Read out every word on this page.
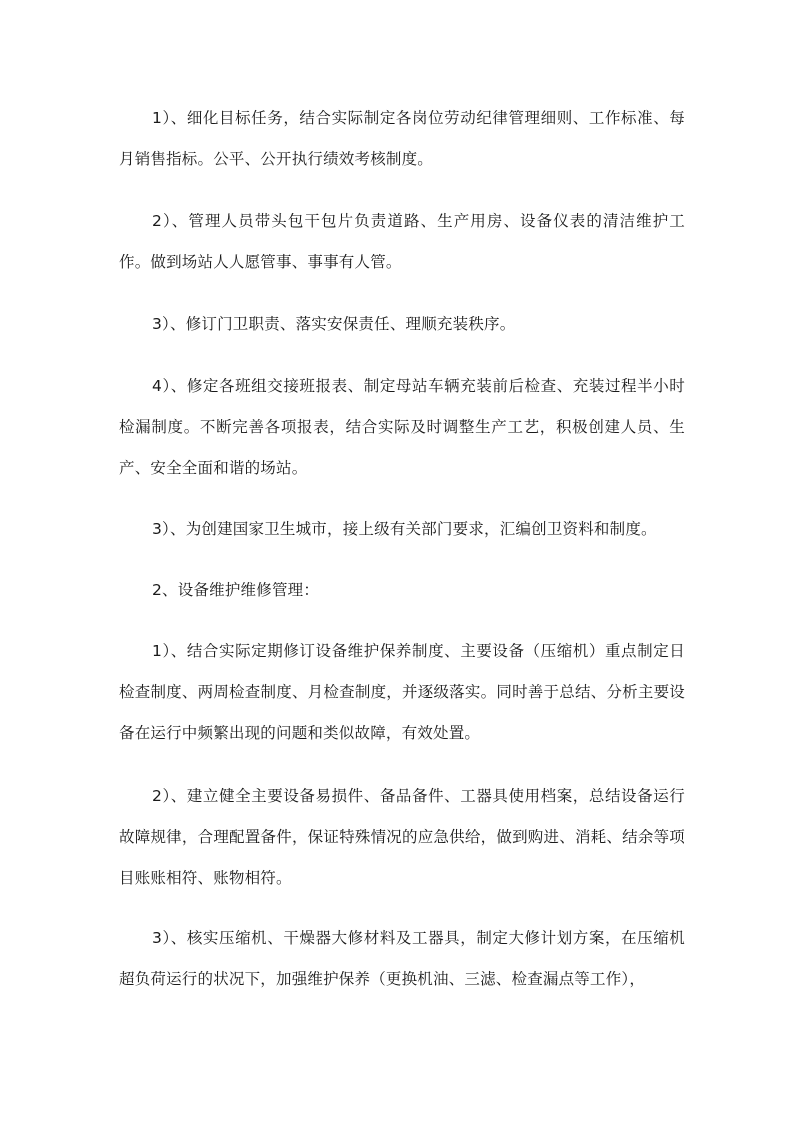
1）、细化目标任务，结合实际制定各岗位劳动纪律管理细则、工作标准、每月销售指标。公平、公开执行绩效考核制度。

2）、管理人员带头包干包片负责道路、生产用房、设备仪表的清洁维护工作。做到场站人人愿管事、事事有人管。

3）、修订门卫职责、落实安保责任、理顺充装秩序。

4）、修定各班组交接班报表、制定母站车辆充装前后检查、充装过程半小时检漏制度。不断完善各项报表，结合实际及时调整生产工艺，积极创建人员、生产、安全全面和谐的场站。

3）、为创建国家卫生城市，接上级有关部门要求，汇编创卫资料和制度。

2、设备维护维修管理：

1）、结合实际定期修订设备维护保养制度、主要设备（压缩机）重点制定日检查制度、两周检查制度、月检查制度，并逐级落实。同时善于总结、分析主要设备在运行中频繁出现的问题和类似故障，有效处置。

2）、建立健全主要设备易损件、备品备件、工器具使用档案，总结设备运行故障规律，合理配置备件，保证特殊情况的应急供给，做到购进、消耗、结余等项目账账相符、账物相符。

3）、核实压缩机、干燥器大修材料及工器具，制定大修计划方案，在压缩机超负荷运行的状况下，加强维护保养（更换机油、三滤、检查漏点等工作），
